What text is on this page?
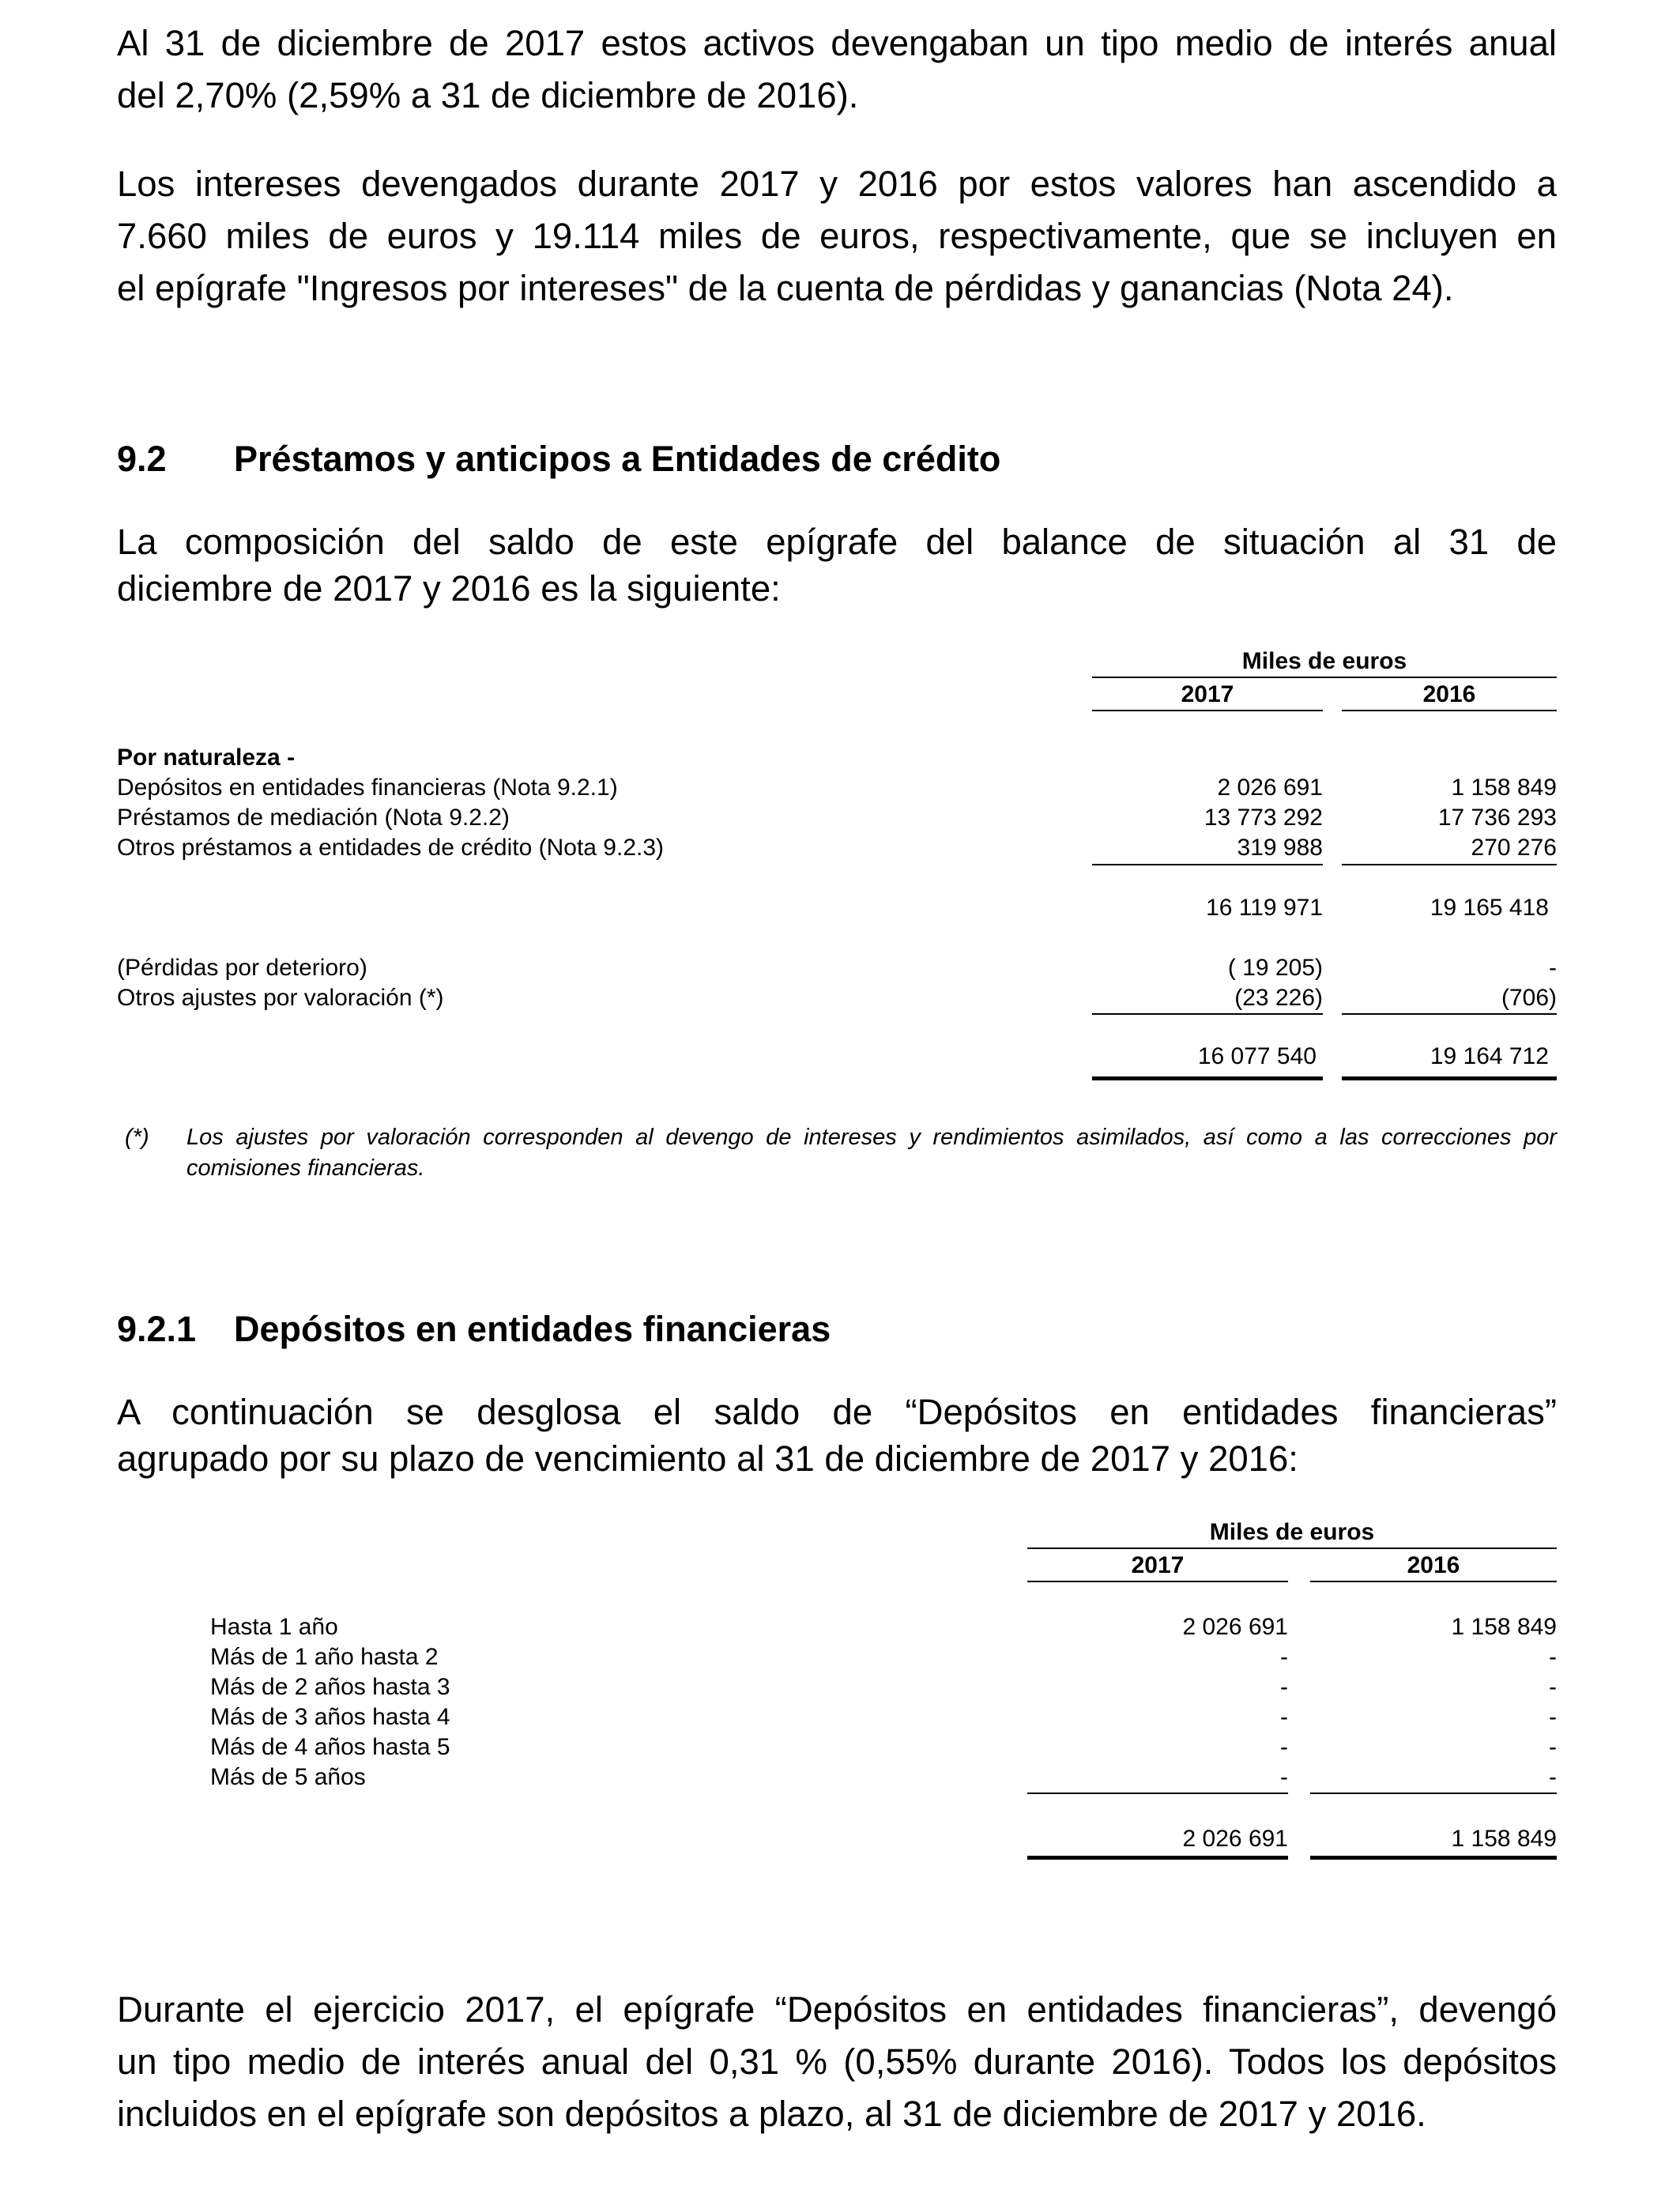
Al 31 de diciembre de 2017 estos activos devengaban un tipo medio de interés anual
del 2,70% (2,59% a 31 de diciembre de 2016).
Los intereses devengados durante 2017 y 2016 por estos valores han ascendido a
7.660 miles de euros y 19.114 miles de euros, respectivamente, que se incluyen en
el epígrafe "Ingresos por intereses" de la cuenta de pérdidas y ganancias (Nota 24).
9.2 Préstamos y anticipos a Entidades de crédito
La composición del saldo de este epígrafe del balance de situación al 31 de
diciembre de 2017 y 2016 es la siguiente:
Miles de euros
2017	2016
Por naturaleza -
Depósitos en entidades financieras (Nota 9.2.1)	2 026 691	1 158 849
Préstamos de mediación (Nota 9.2.2)	13 773 292	17 736 293
Otros préstamos a entidades de crédito (Nota 9.2.3)	319 988	270 276
16 119 971	19 165 418
(Pérdidas por deterioro)	( 19 205)	-
Otros ajustes por valoración (*)	(23 226)	(706)
16 077 540	19 164 712
(*) Los ajustes por valoración corresponden al devengo de intereses y rendimientos asimilados, así como a las correcciones por comisiones financieras.
9.2.1 Depósitos en entidades financieras
A continuación se desglosa el saldo de “Depósitos en entidades financieras”
agrupado por su plazo de vencimiento al 31 de diciembre de 2017 y 2016:
Miles de euros
2017	2016
Hasta 1 año	2 026 691	1 158 849
Más de 1 año hasta 2	-	-
Más de 2 años hasta 3	-	-
Más de 3 años hasta 4	-	-
Más de 4 años hasta 5	-	-
Más de 5 años	-	-
2 026 691	1 158 849
Durante el ejercicio 2017, el epígrafe “Depósitos en entidades financieras”, devengó
un tipo medio de interés anual del 0,31 % (0,55% durante 2016). Todos los depósitos
incluidos en el epígrafe son depósitos a plazo, al 31 de diciembre de 2017 y 2016.
